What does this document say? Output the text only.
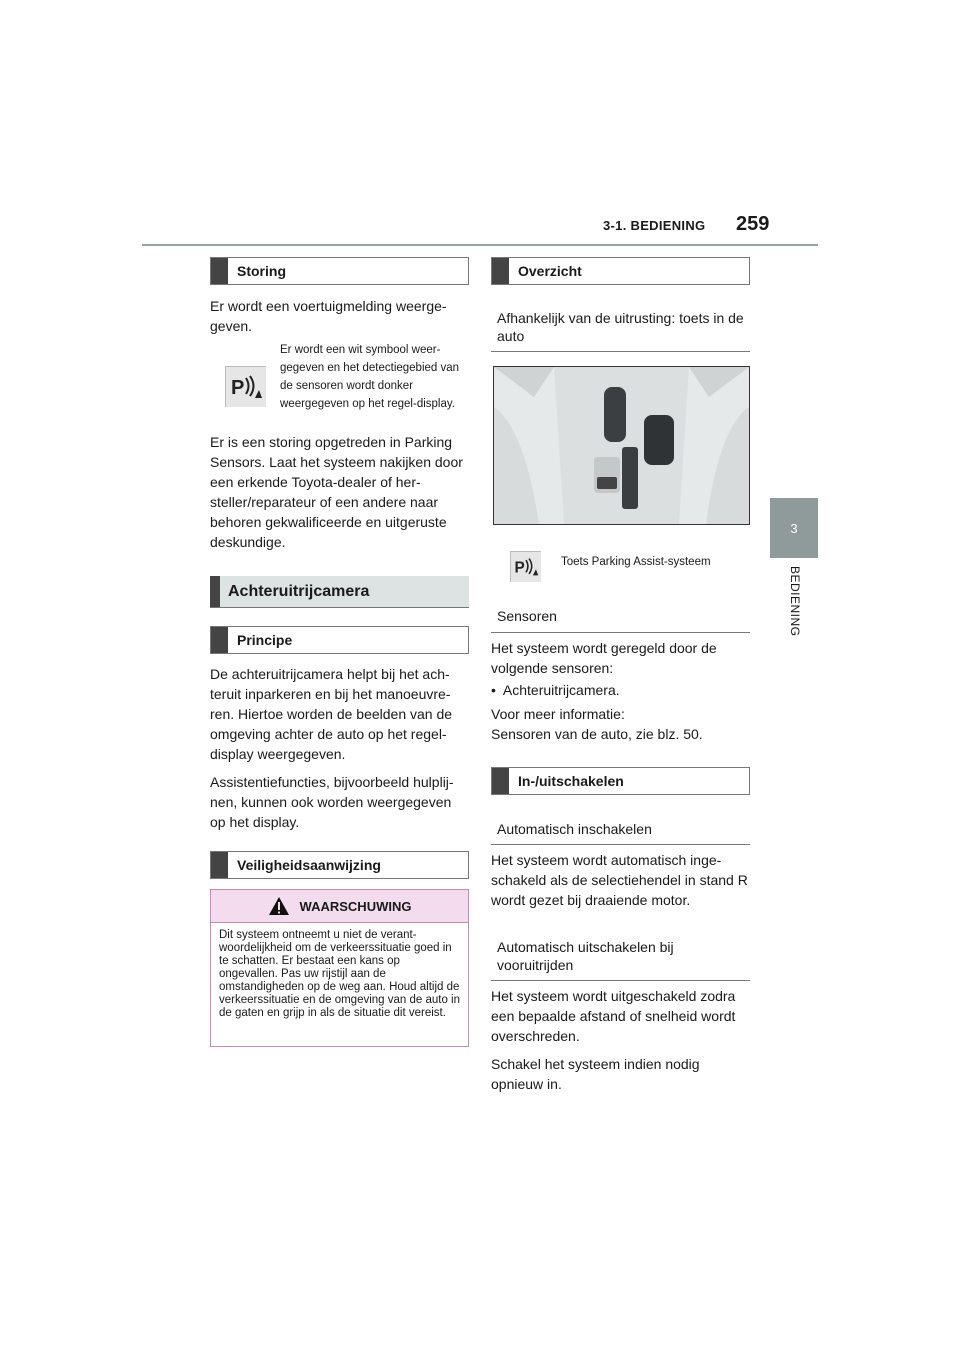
3-1. BEDIENING 259
3
BEDIENING
Storing

Er wordt een voertuigmelding weerge-geven.

P
Er wordt een wit symbool weer-gegeven en het detectiegebied van de sensoren wordt donker weergegeven op het regel-display.

Er is een storing opgetreden in Parking Sensors. Laat het systeem nakijken door een erkende Toyota-dealer of her-steller/reparateur of een andere naar behoren gekwalificeerde en uitgeruste deskundige.

Achteruitrijcamera
Principe

De achteruitrijcamera helpt bij het ach-teruit inparkeren en bij het manoeuvre-ren. Hiertoe worden de beelden van de omgeving achter de auto op het regel-display weergegeven.

Assistentiefuncties, bijvoorbeeld hulplij-nen, kunnen ook worden weergegeven op het display.

Veiligheidsaanwijzing
WAARSCHUWING
Dit systeem ontneemt u niet de verant-woordelijkheid om de verkeerssituatie goed in te schatten. Er bestaat een kans op ongevallen. Pas uw rijstijl aan de omstandigheden op de weg aan. Houd altijd de verkeerssituatie en de omgeving van de auto in de gaten en grijp in als de situatie dit vereist.
Overzicht
Afhankelijk van de uitrusting: toets in de auto
P	Toets Parking Assist-systeem
Sensoren

Het systeem wordt geregeld door de volgende sensoren:

•  Achteruitrijcamera.

Voor meer informatie:

Sensoren van de auto, zie blz. 50.

In-/uitschakelen
Automatisch inschakelen

Het systeem wordt automatisch inge-schakeld als de selectiehendel in stand R wordt gezet bij draaiende motor.

Automatisch uitschakelen bij vooruitrijden

Het systeem wordt uitgeschakeld zodra een bepaalde afstand of snelheid wordt overschreden.

Schakel het systeem indien nodig opnieuw in.
